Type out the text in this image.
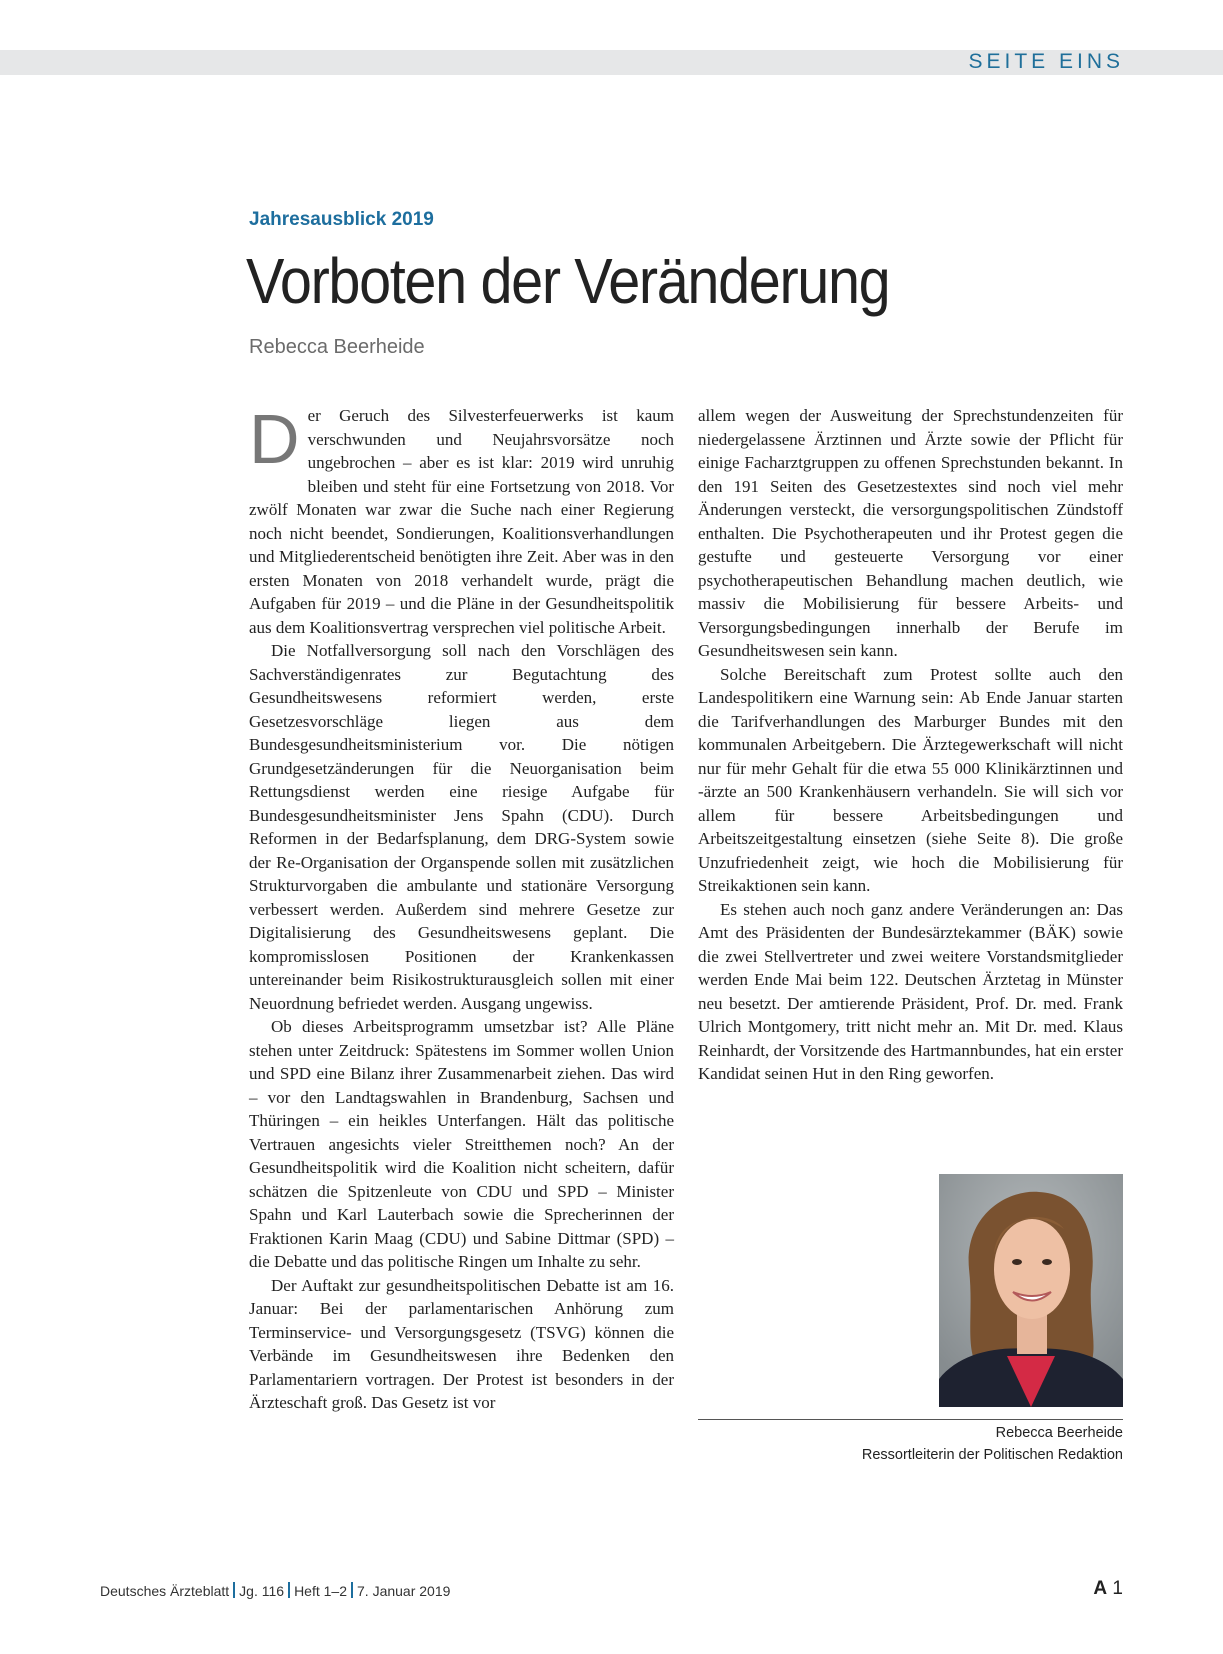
SEITE EINS
Jahresausblick 2019
Vorboten der Veränderung
Rebecca Beerheide

Der Geruch des Silvesterfeuerwerks ist kaum verschwunden und Neujahrsvorsätze noch ungebrochen – aber es ist klar: 2019 wird unruhig bleiben und steht für eine Fortsetzung von 2018. Vor zwölf Monaten war zwar die Suche nach einer Regierung noch nicht beendet, Sondierungen, Koalitionsverhandlungen und Mitgliederentscheid benötigten ihre Zeit. Aber was in den ersten Monaten von 2018 verhandelt wurde, prägt die Aufgaben für 2019 – und die Pläne in der Gesundheitspolitik aus dem Koalitionsvertrag versprechen viel politische Arbeit.

Die Notfallversorgung soll nach den Vorschlägen des Sachverständigenrates zur Begutachtung des Gesundheitswesens reformiert werden, erste Gesetzesvorschläge liegen aus dem Bundesgesundheitsministerium vor. Die nötigen Grundgesetzänderungen für die Neuorganisation beim Rettungsdienst werden eine riesige Aufgabe für Bundesgesundheitsminister Jens Spahn (CDU). Durch Reformen in der Bedarfsplanung, dem DRG-System sowie der Re-Organisation der Organspende sollen mit zusätzlichen Strukturvorgaben die ambulante und stationäre Versorgung verbessert werden. Außerdem sind mehrere Gesetze zur Digitalisierung des Gesundheitswesens geplant. Die kompromisslosen Positionen der Krankenkassen untereinander beim Risikostrukturausgleich sollen mit einer Neuordnung befriedet werden. Ausgang ungewiss.

Ob dieses Arbeitsprogramm umsetzbar ist? Alle Pläne stehen unter Zeitdruck: Spätestens im Sommer wollen Union und SPD eine Bilanz ihrer Zusammenarbeit ziehen. Das wird – vor den Landtagswahlen in Brandenburg, Sachsen und Thüringen – ein heikles Unterfangen. Hält das politische Vertrauen angesichts vieler Streitthemen noch? An der Gesundheitspolitik wird die Koalition nicht scheitern, dafür schätzen die Spitzenleute von CDU und SPD – Minister Spahn und Karl Lauterbach sowie die Sprecherinnen der Fraktionen Karin Maag (CDU) und Sabine Dittmar (SPD) – die Debatte und das politische Ringen um Inhalte zu sehr.

Der Auftakt zur gesundheitspolitischen Debatte ist am 16. Januar: Bei der parlamentarischen Anhörung zum Terminservice- und Versorgungsgesetz (TSVG) können die Verbände im Gesundheitswesen ihre Bedenken den Parlamentariern vortragen. Der Protest ist besonders in der Ärzteschaft groß. Das Gesetz ist vor

allem wegen der Ausweitung der Sprechstundenzeiten für niedergelassene Ärztinnen und Ärzte sowie der Pflicht für einige Facharztgruppen zu offenen Sprechstunden bekannt. In den 191 Seiten des Gesetzestextes sind noch viel mehr Änderungen versteckt, die versorgungspolitischen Zündstoff enthalten. Die Psychotherapeuten und ihr Protest gegen die gestufte und gesteuerte Versorgung vor einer psychotherapeutischen Behandlung machen deutlich, wie massiv die Mobilisierung für bessere Arbeits- und Versorgungsbedingungen innerhalb der Berufe im Gesundheitswesen sein kann.

Solche Bereitschaft zum Protest sollte auch den Landespolitikern eine Warnung sein: Ab Ende Januar starten die Tarifverhandlungen des Marburger Bundes mit den kommunalen Arbeitgebern. Die Ärztegewerkschaft will nicht nur für mehr Gehalt für die etwa 55 000 Klinikärztinnen und -ärzte an 500 Krankenhäusern verhandeln. Sie will sich vor allem für bessere Arbeitsbedingungen und Arbeitszeitgestaltung einsetzen (siehe Seite 8). Die große Unzufriedenheit zeigt, wie hoch die Mobilisierung für Streikaktionen sein kann.

Es stehen auch noch ganz andere Veränderungen an: Das Amt des Präsidenten der Bundesärztekammer (BÄK) sowie die zwei Stellvertreter und zwei weitere Vorstandsmitglieder werden Ende Mai beim 122. Deutschen Ärztetag in Münster neu besetzt. Der amtierende Präsident, Prof. Dr. med. Frank Ulrich Montgomery, tritt nicht mehr an. Mit Dr. med. Klaus Reinhardt, der Vorsitzende des Hartmannbundes, hat ein erster Kandidat seinen Hut in den Ring geworfen.

Rebecca Beerheide
Ressortleiterin der Politischen Redaktion
Deutsches Ärzteblatt Jg. 116 Heft 1–2 7. Januar 2019	A 1
